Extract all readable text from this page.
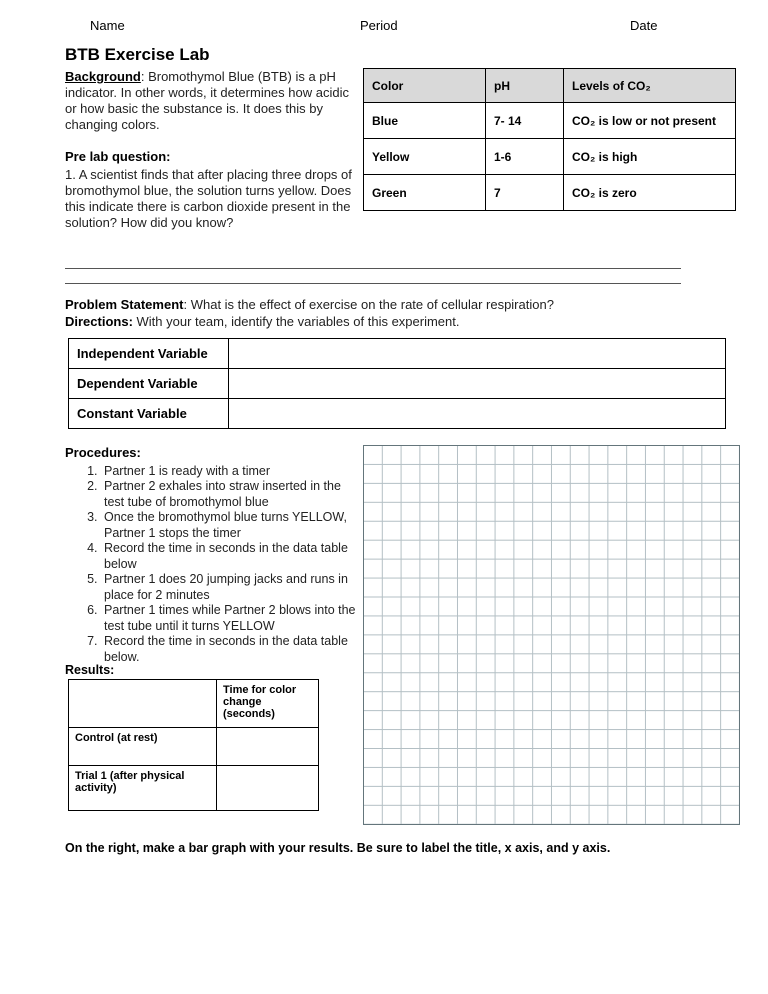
Name	Period	Date
BTB Exercise Lab
Background: Bromothymol Blue (BTB) is a pH indicator. In other words, it determines how acidic or how basic the substance is. It does this by changing colors.
Pre lab question:
1. A scientist finds that after placing three drops of bromothymol blue, the solution turns yellow. Does this indicate there is carbon dioxide present in the solution? How did you know?
Color	pH	Levels of CO₂
Blue	7- 14	CO₂ is low or not present
Yellow	1-6	CO₂ is high
Green	7	CO₂ is zero
Problem Statement: What is the effect of exercise on the rate of cellular respiration?
Directions: With your team, identify the variables of this experiment.
Independent Variable	
Dependent Variable	
Constant Variable	
Procedures:
1. Partner 1 is ready with a timer
2. Partner 2 exhales into straw inserted in the test tube of bromothymol blue
3. Once the bromothymol blue turns YELLOW, Partner 1 stops the timer
4. Record the time in seconds in the data table below
5. Partner 1 does 20 jumping jacks and runs in place for 2 minutes
6. Partner 1 times while Partner 2 blows into the test tube until it turns YELLOW
7. Record the time in seconds in the data table below.
Results:
	Time for color change (seconds)
Control (at rest)	
Trial 1 (after physical activity)	
On the right, make a bar graph with your results. Be sure to label the title, x axis, and y axis.
